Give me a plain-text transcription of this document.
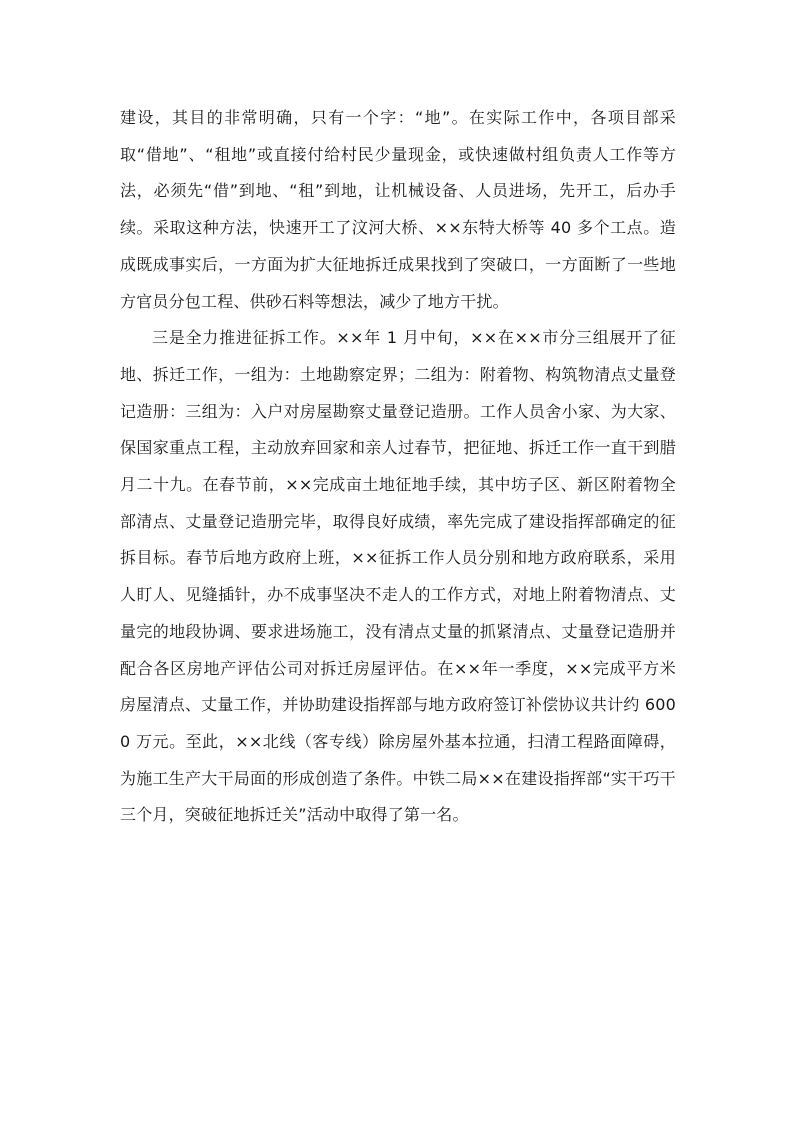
建设，其目的非常明确，只有一个字：“地”。在实际工作中，各项目部采取“借地”、“租地”或直接付给村民少量现金，或快速做村组负责人工作等方法，必须先“借”到地、“租”到地，让机械设备、人员进场，先开工，后办手续。采取这种方法，快速开工了汶河大桥、××东特大桥等 40 多个工点。造成既成事实后，一方面为扩大征地拆迁成果找到了突破口，一方面断了一些地方官员分包工程、供砂石料等想法，减少了地方干扰。

三是全力推进征拆工作。××年 1 月中旬，××在××市分三组展开了征地、拆迁工作，一组为：土地勘察定界；二组为：附着物、构筑物清点丈量登记造册：三组为：入户对房屋勘察丈量登记造册。工作人员舍小家、为大家、保国家重点工程，主动放弃回家和亲人过春节，把征地、拆迁工作一直干到腊月二十九。在春节前，××完成亩土地征地手续，其中坊子区、新区附着物全部清点、丈量登记造册完毕，取得良好成绩，率先完成了建设指挥部确定的征拆目标。春节后地方政府上班，××征拆工作人员分别和地方政府联系，采用人盯人、见缝插针，办不成事坚决不走人的工作方式，对地上附着物清点、丈量完的地段协调、要求进场施工，没有清点丈量的抓紧清点、丈量登记造册并配合各区房地产评估公司对拆迁房屋评估。在××年一季度，××完成平方米房屋清点、丈量工作，并协助建设指挥部与地方政府签订补偿协议共计约 6000 万元。至此，××北线（客专线）除房屋外基本拉通，扫清工程路面障碍，为施工生产大干局面的形成创造了条件。中铁二局××在建设指挥部“实干巧干三个月，突破征地拆迁关”活动中取得了第一名。
